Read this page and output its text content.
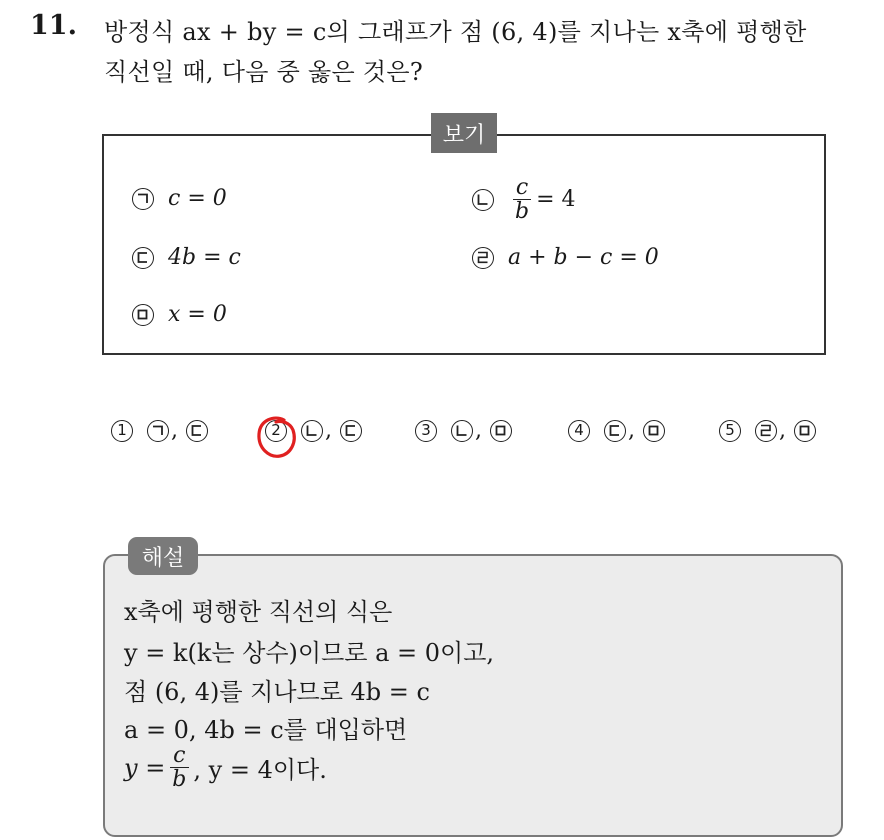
11. 방정식 ax + by = c의 그래프가 점 (6, 4)를 지나는 x축에 평행한
직선일 때, 다음 중 옳은 것은?
보기
c = 0	$\frac{c}{b} = 4$
4b = c	a + b − c = 0
x = 0
1 ,	2 ,	3 ,	4 ,	5 ,
해설
x축에 평행한 직선의 식은
y = k(k는 상수)이므로 a = 0이고,
점 (6, 4)를 지나므로 4b = c
a = 0, 4b = c를 대입하면
$y = \frac{c}{b}$ , y = 4이다.
